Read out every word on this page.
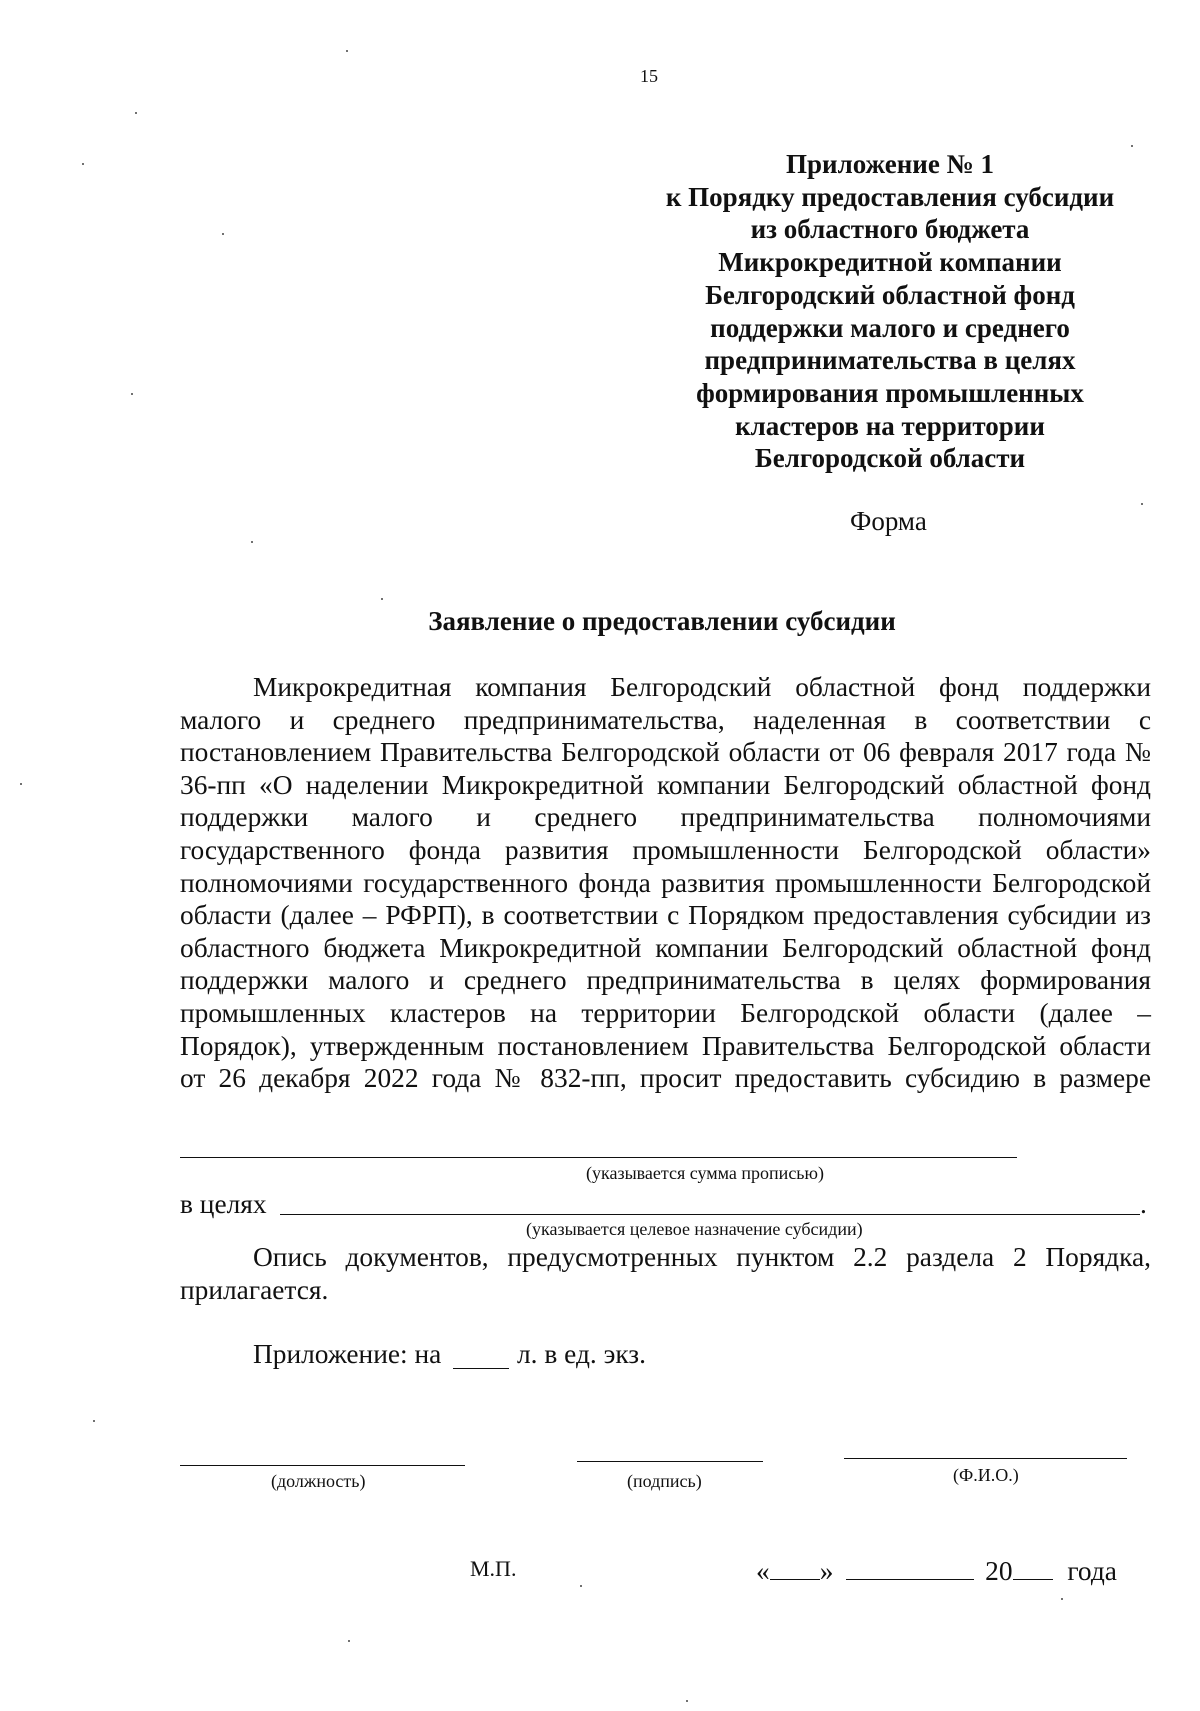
15
Приложение № 1
к Порядку предоставления субсидии
из областного бюджета
Микрокредитной компании
Белгородский областной фонд
поддержки малого и среднего
предпринимательства в целях
формирования промышленных
кластеров на территории
Белгородской области
Форма
Заявление о предоставлении субсидии
Микрокредитная компания Белгородский областной фонд поддержки малого и среднего предпринимательства, наделенная в соответствии с постановлением Правительства Белгородской области от 06 февраля 2017 года № 36-пп «О наделении Микрокредитной компании Белгородский областной фонд поддержки малого и среднего предпринимательства полномочиями государственного фонда развития промышленности Белгородской области» полномочиями государственного фонда развития промышленности Белгородской области (далее – РФРП), в соответствии с Порядком предоставления субсидии из областного бюджета Микрокредитной компании Белгородский областной фонд поддержки малого и среднего предпринимательства в целях формирования промышленных кластеров на территории Белгородской области (далее – Порядок), утвержденным постановлением Правительства Белгородской области от 26 декабря 2022 года № 832-пп, просит предоставить субсидию в размере
(указывается сумма прописью)
в целях	.
(указывается целевое назначение субсидии)
Опись документов, предусмотренных пунктом 2.2 раздела 2 Порядка, прилагается.
Приложение: на	л. в ед. экз.
(должность)	(подпись)	(Ф.И.О.)
М.П.	« »	20 года
